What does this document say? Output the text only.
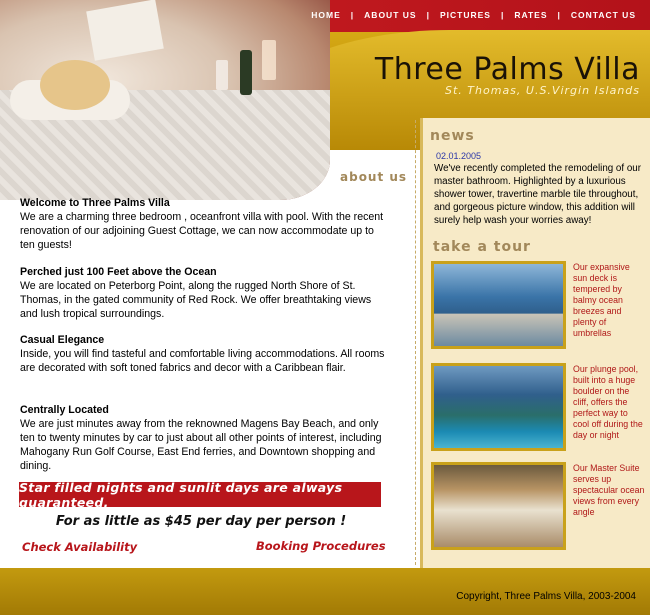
HOME | ABOUT US | PICTURES | RATES | CONTACT US
Three Palms Villa
St. Thomas, U.S.Virgin Islands
news
02.01.2005
We've recently completed the remodeling of our master bathroom. Highlighted by a luxurious shower tower, travertine marble tile throughout, and gorgeous picture window, this addition will surely help wash your worries away!
take a tour
Our expansive sun deck is tempered by balmy ocean breezes and plenty of umbrellas
Our plunge pool, built into a huge boulder on the cliff, offers the perfect way to cool off during the day or night
Our Master Suite serves up spectacular ocean views from every angle
about us
Welcome to Three Palms Villa

We are a charming three bedroom , oceanfront villa with pool. With the recent renovation of our adjoining Guest Cottage, we can now accommodate up to ten guests!

Perched just 100 Feet above the Ocean

We are located on Peterborg Point, along the rugged North Shore of St. Thomas, in the gated community of Red Rock. We offer breathtaking views and lush tropical surroundings.

Casual Elegance

Inside, you will find tasteful and comfortable living accommodations. All rooms are decorated with soft toned fabrics and decor with a Caribbean flair.

Centrally Located

We are just minutes away from the reknowned Magens Bay Beach, and only ten to twenty minutes by car to just about all other points of interest, including Mahogany Run Golf Course, East End ferries, and Downtown shopping and dining.

Star filled nights and sunlit days are always guaranteed.
For as little as $45 per day per person !
Check Availability	Booking Procedures
Copyright, Three Palms Villa, 2003-2004
